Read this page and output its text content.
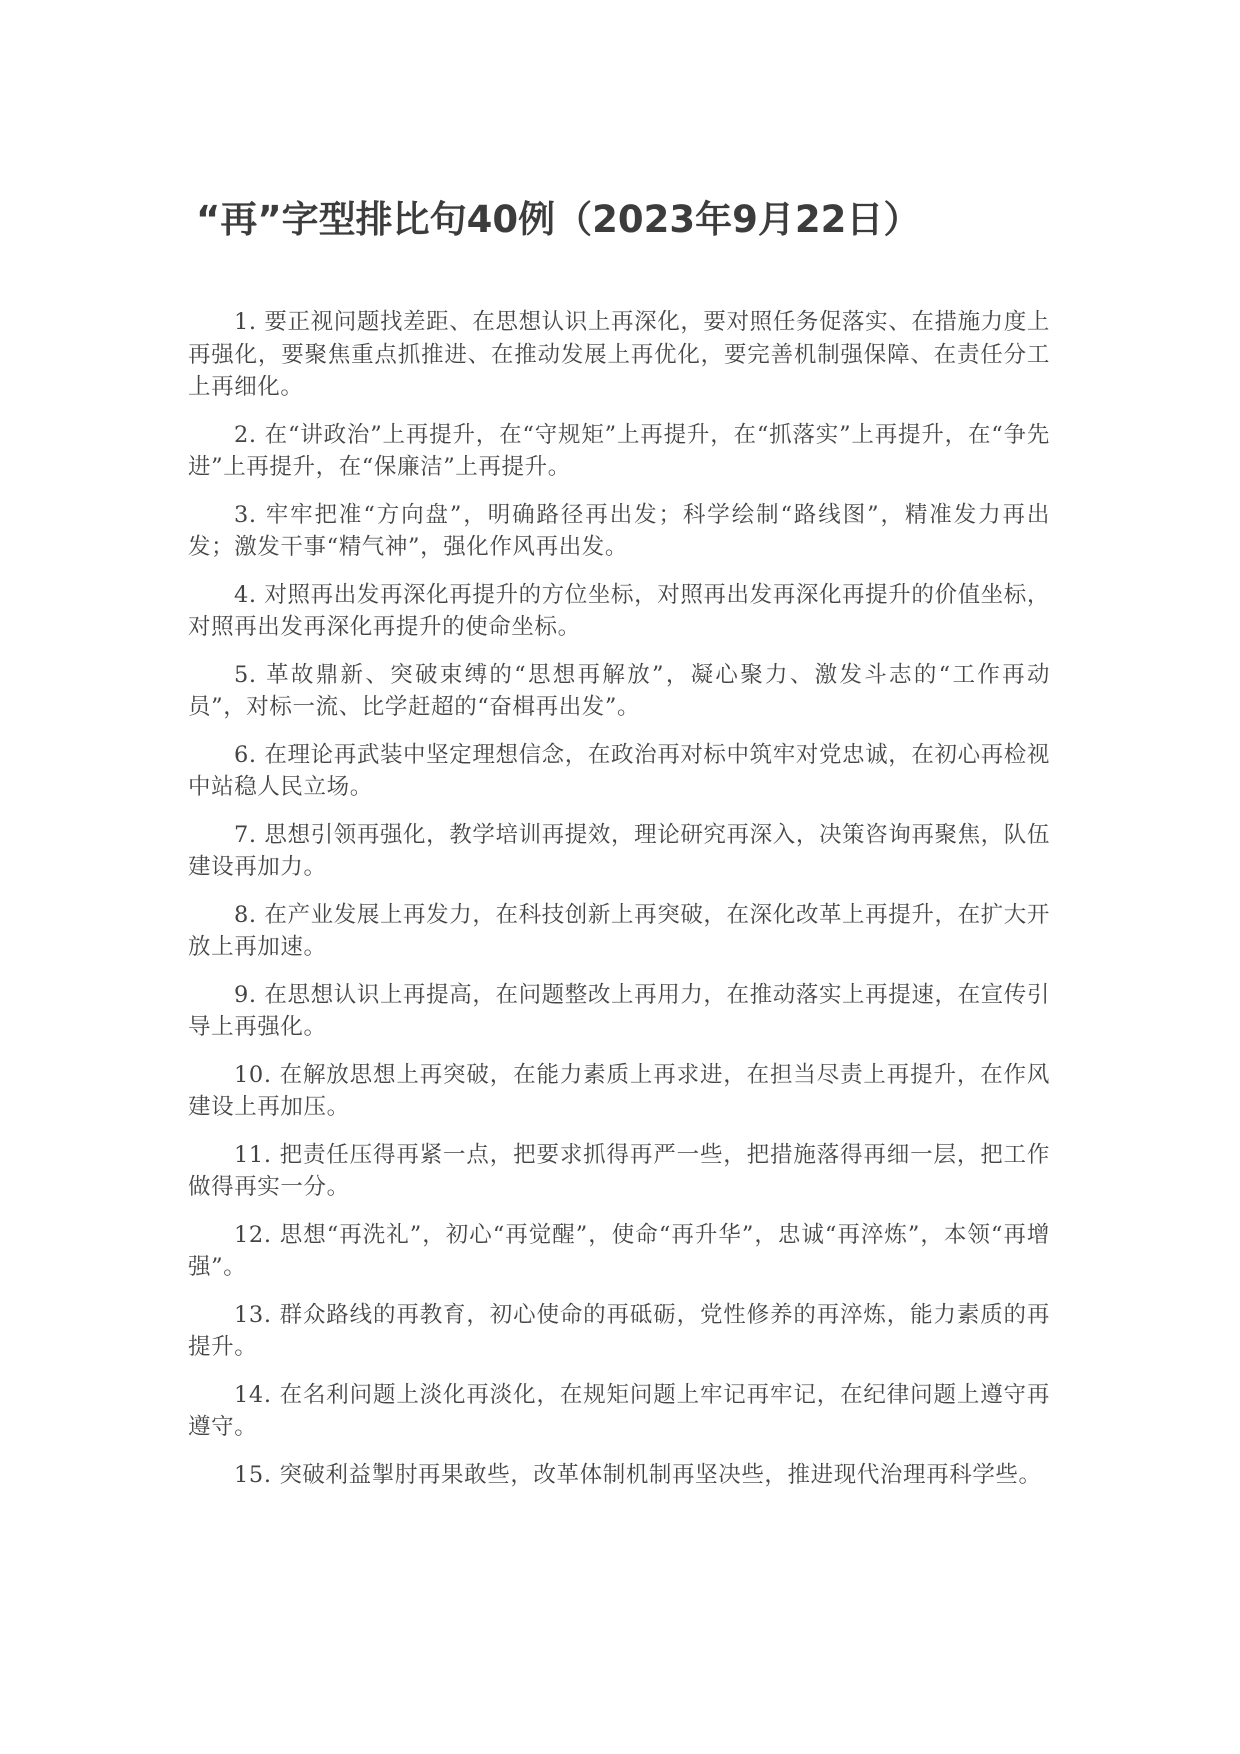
“再”字型排比句40例（2023年9月22日）

1. 要正视问题找差距、在思想认识上再深化，要对照任务促落实、在措施力度上再强化，要聚焦重点抓推进、在推动发展上再优化，要完善机制强保障、在责任分工上再细化。

2. 在“讲政治”上再提升，在“守规矩”上再提升，在“抓落实”上再提升，在“争先进”上再提升，在“保廉洁”上再提升。

3. 牢牢把准“方向盘”，明确路径再出发；科学绘制“路线图”，精准发力再出发；激发干事“精气神”，强化作风再出发。

4. 对照再出发再深化再提升的方位坐标，对照再出发再深化再提升的价值坐标，对照再出发再深化再提升的使命坐标。

5. 革故鼎新、突破束缚的“思想再解放”，凝心聚力、激发斗志的“工作再动员”，对标一流、比学赶超的“奋楫再出发”。

6. 在理论再武装中坚定理想信念，在政治再对标中筑牢对党忠诚，在初心再检视中站稳人民立场。

7. 思想引领再强化，教学培训再提效，理论研究再深入，决策咨询再聚焦，队伍建设再加力。

8. 在产业发展上再发力，在科技创新上再突破，在深化改革上再提升，在扩大开放上再加速。

9. 在思想认识上再提高，在问题整改上再用力，在推动落实上再提速，在宣传引导上再强化。

10. 在解放思想上再突破，在能力素质上再求进，在担当尽责上再提升，在作风建设上再加压。

11. 把责任压得再紧一点，把要求抓得再严一些，把措施落得再细一层，把工作做得再实一分。

12. 思想“再洗礼”，初心“再觉醒”，使命“再升华”，忠诚“再淬炼”，本领“再增强”。

13. 群众路线的再教育，初心使命的再砥砺，党性修养的再淬炼，能力素质的再提升。

14. 在名利问题上淡化再淡化，在规矩问题上牢记再牢记，在纪律问题上遵守再遵守。

15. 突破利益掣肘再果敢些，改革体制机制再坚决些，推进现代治理再科学些。
